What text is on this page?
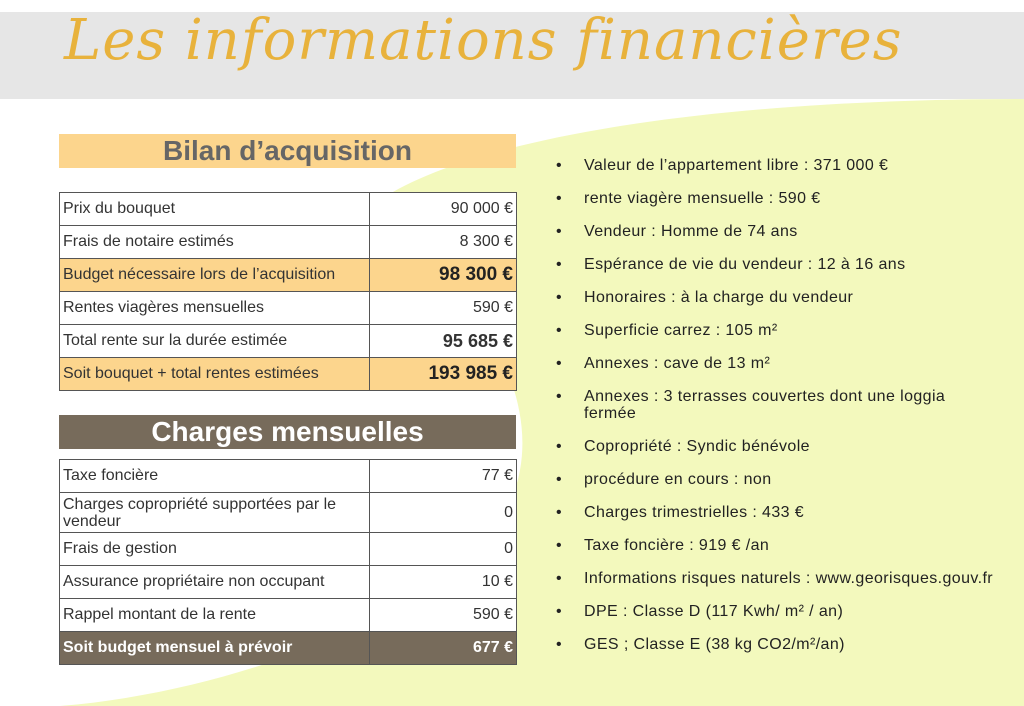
Les informations financières
Bilan d’acquisition
Prix du bouquet	90 000 €
Frais de notaire estimés	8 300 €
Budget nécessaire lors de l’acquisition	98 300 €
Rentes viagères mensuelles	590 €
Total rente sur la durée estimée	95 685 €
Soit bouquet + total rentes estimées	193 985 €
Charges mensuelles
Taxe foncière	77 €

Charges copropriété supportées par le vendeur	0
Frais de gestion	0
Assurance propriétaire non occupant	10 €
Rappel montant de la rente	590 €
Soit budget mensuel à prévoir	677 €
• Valeur de l’appartement libre : 371 000 €
• rente viagère mensuelle : 590 €
• Vendeur : Homme de 74 ans
• Espérance de vie du vendeur : 12 à 16 ans
• Honoraires : à la charge du vendeur
• Superficie carrez : 105 m²
• Annexes : cave de 13 m²
• Annexes : 3 terrasses couvertes dont une loggia fermée
• Copropriété : Syndic bénévole
• procédure en cours : non
• Charges trimestrielles : 433 €
• Taxe foncière : 919 € /an
• Informations risques naturels : www.georisques.gouv.fr
• DPE : Classe D (117 Kwh/ m² / an)
• GES ; Classe E (38 kg CO2/m²/an)
